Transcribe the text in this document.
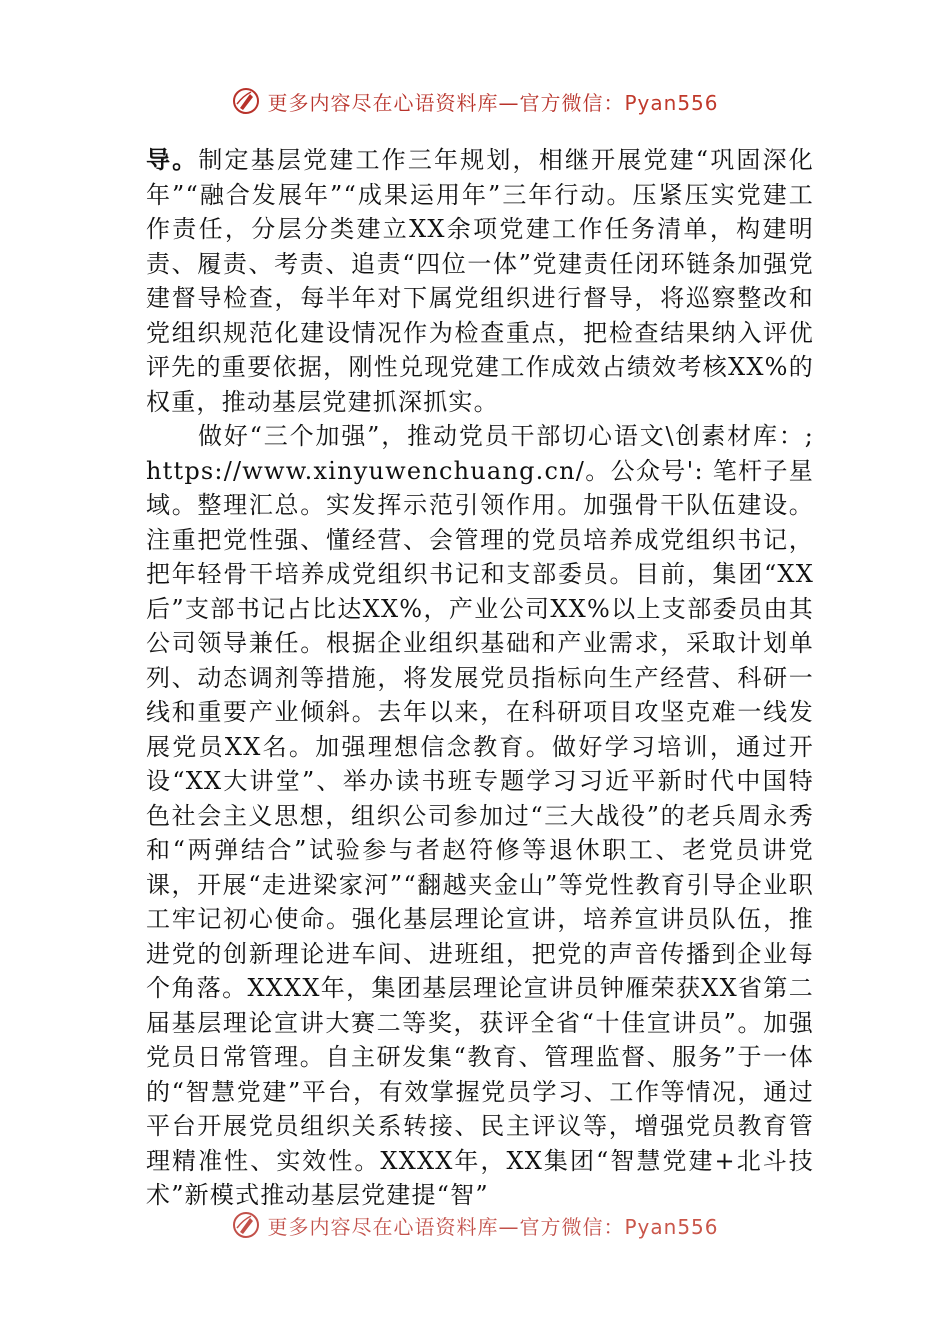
更多内容尽在心语资料库—官方微信：Pyan556

导。制定基层党建工作三年规划，相继开展党建“巩固深化年”“融合发展年”“成果运用年”三年行动。压紧压实党建工作责任，分层分类建立XX余项党建工作任务清单，构建明责、履责、考责、追责“四位一体”党建责任闭环链条加强党建督导检查，每半年对下属党组织进行督导，将巡察整改和党组织规范化建设情况作为检查重点，把检查结果纳入评优评先的重要依据，刚性兑现党建工作成效占绩效考核XX%的权重，推动基层党建抓深抓实。

做好“三个加强”，推动党员干部切心语文\创素材库：;https://www.xinyuwenchuang.cn/。公众号': 笔杆子星域。整理汇总。实发挥示范引领作用。加强骨干队伍建设。注重把党性强、懂经营、会管理的党员培养成党组织书记，把年轻骨干培养成党组织书记和支部委员。目前，集团“XX后”支部书记占比达XX%，产业公司XX%以上支部委员由其公司领导兼任。根据企业组织基础和产业需求，采取计划单列、动态调剂等措施，将发展党员指标向生产经营、科研一线和重要产业倾斜。去年以来，在科研项目攻坚克难一线发展党员XX名。加强理想信念教育。做好学习培训，通过开设“XX大讲堂”、举办读书班专题学习习近平新时代中国特色社会主义思想，组织公司参加过“三大战役”的老兵周永秀和“两弹结合”试验参与者赵符修等退休职工、老党员讲党课，开展“走进梁家河”“翻越夹金山”等党性教育引导企业职工牢记初心使命。强化基层理论宣讲，培养宣讲员队伍，推进党的创新理论进车间、进班组，把党的声音传播到企业每个角落。XXXX年，集团基层理论宣讲员钟雁荣获XX省第二届基层理论宣讲大赛二等奖，获评全省“十佳宣讲员”。加强党员日常管理。自主研发集“教育、管理监督、服务”于一体的“智慧党建”平台，有效掌握党员学习、工作等情况，通过平台开展党员组织关系转接、民主评议等，增强党员教育管理精准性、实效性。XXXX年，XX集团“智慧党建+北斗技术”新模式推动基层党建提“智”

更多内容尽在心语资料库—官方微信：Pyan556
